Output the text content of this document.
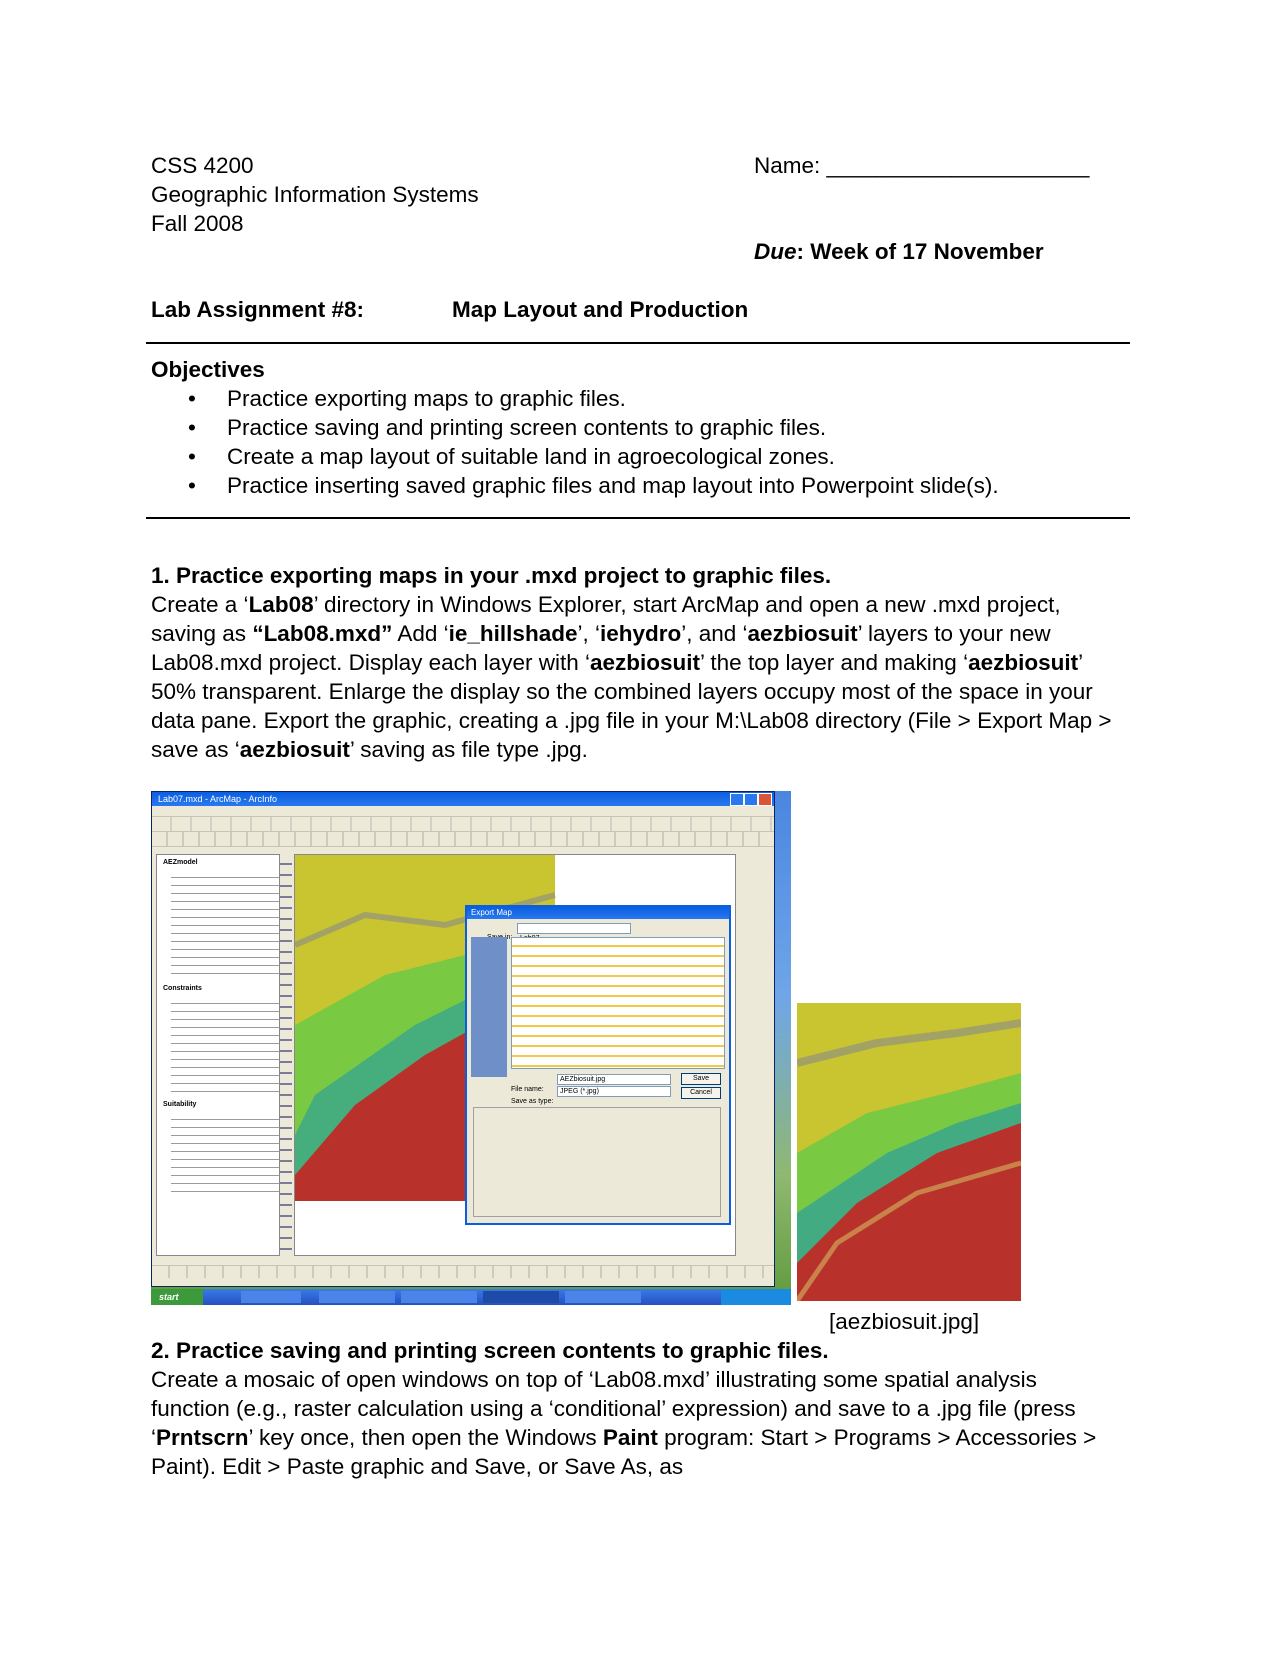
CSS 4200
Geographic Information Systems
Fall 2008
Name: _____________________
Due: Week of 17 November
Lab Assignment #8:	Map Layout and Production
Objectives
• Practice exporting maps to graphic files.
• Practice saving and printing screen contents to graphic files.
• Create a map layout of suitable land in agroecological zones.
• Practice inserting saved graphic files and map layout into Powerpoint slide(s).
1. Practice exporting maps in your .mxd project to graphic files.
Create a ‘Lab08’ directory in Windows Explorer, start ArcMap and open a new .mxd project, saving as “Lab08.mxd” Add ‘ie_hillshade’, ‘iehydro’, and ‘aezbiosuit’ layers to your new Lab08.mxd project. Display each layer with ‘aezbiosuit’ the top layer and making ‘aezbiosuit’ 50% transparent. Enlarge the display so the combined layers occupy most of the space in your data pane. Export the graphic, creating a .jpg file in your M:\Lab08 directory (File > Export Map > save as ‘aezbiosuit’ saving as file type .jpg.
Lab07.mxd - ArcMap - ArcInfo
AEZmodel
Constraints
Suitability
Export Map
in:
File name:
AEZbiosuit.jpg
Save as type:
JPEG (*.jpg)
Save
Cancel
start
[aezbiosuit.jpg]
2. Practice saving and printing screen contents to graphic files.
Create a mosaic of open windows on top of ‘Lab08.mxd’ illustrating some spatial analysis function (e.g., raster calculation using a ‘conditional’ expression) and save to a .jpg file (press ‘Prntscrn’ key once, then open the Windows Paint program: Start > Programs > Accessories > Paint). Edit > Paste graphic and Save, or Save As, as
